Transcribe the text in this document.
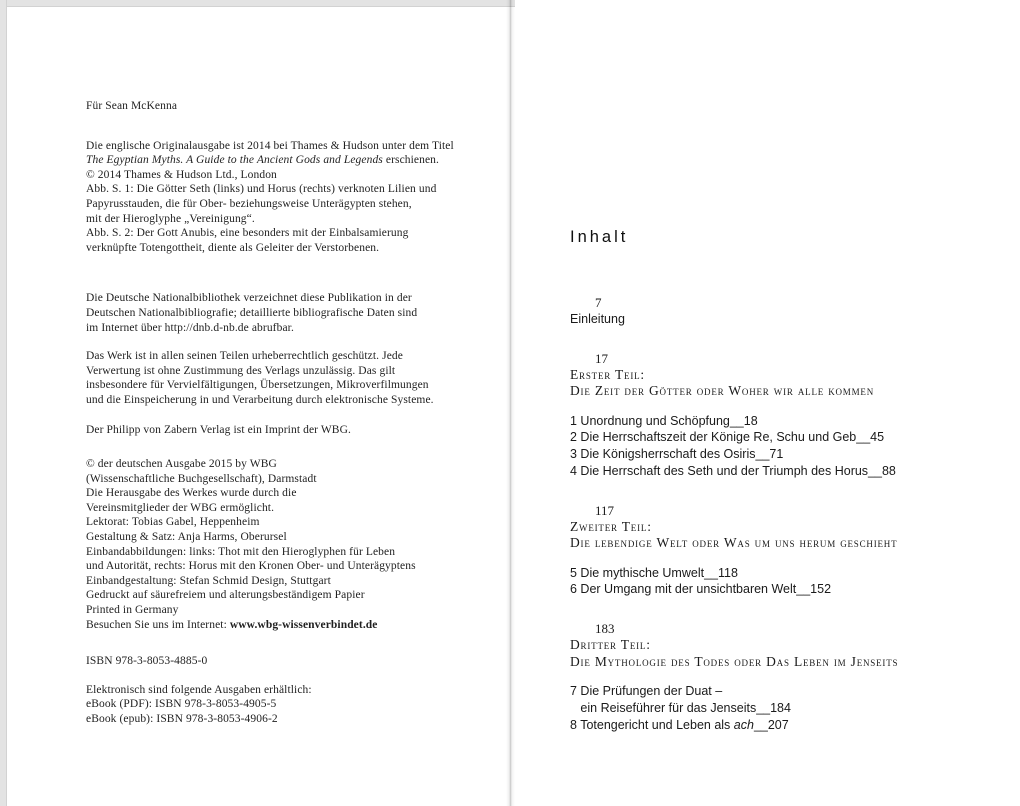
Für Sean McKenna
Die englische Originalausgabe ist 2014 bei Thames & Hudson unter dem Titel
The Egyptian Myths. A Guide to the Ancient Gods and Legends erschienen.
© 2014 Thames & Hudson Ltd., London
Abb. S. 1: Die Götter Seth (links) und Horus (rechts) verknoten Lilien und
Papyrusstauden, die für Ober- beziehungsweise Unterägypten stehen,
mit der Hieroglyphe „Vereinigung“.
Abb. S. 2: Der Gott Anubis, eine besonders mit der Einbalsamierung
verknüpfte Totengottheit, diente als Geleiter der Verstorbenen.
Die Deutsche Nationalbibliothek verzeichnet diese Publikation in der
Deutschen Nationalbibliografie; detaillierte bibliografische Daten sind
im Internet über http://dnb.d-nb.de abrufbar.
Das Werk ist in allen seinen Teilen urheberrechtlich geschützt. Jede
Verwertung ist ohne Zustimmung des Verlags unzulässig. Das gilt
insbesondere für Vervielfältigungen, Übersetzungen, Mikroverfilmungen
und die Einspeicherung in und Verarbeitung durch elektronische Systeme.
Der Philipp von Zabern Verlag ist ein Imprint der WBG.
© der deutschen Ausgabe 2015 by WBG
(Wissenschaftliche Buchgesellschaft), Darmstadt
Die Herausgabe des Werkes wurde durch die
Vereinsmitglieder der WBG ermöglicht.
Lektorat: Tobias Gabel, Heppenheim
Gestaltung & Satz: Anja Harms, Oberursel
Einbandabbildungen: links: Thot mit den Hieroglyphen für Leben
und Autorität, rechts: Horus mit den Kronen Ober- und Unterägyptens
Einbandgestaltung: Stefan Schmid Design, Stuttgart
Gedruckt auf säurefreiem und alterungsbeständigem Papier
Printed in Germany
Besuchen Sie uns im Internet: www.wbg-wissenverbindet.de
ISBN 978-3-8053-4885-0
Elektronisch sind folgende Ausgaben erhältlich:
eBook (PDF): ISBN 978-3-8053-4905-5
eBook (epub): ISBN 978-3-8053-4906-2
Inhalt
7
Einleitung
17
Erster Teil:
Die Zeit der Götter oder Woher wir alle kommen
1 Unordnung und Schöpfung__18
2 Die Herrschaftszeit der Könige Re, Schu und Geb__45
3 Die Königsherrschaft des Osiris__71
4 Die Herrschaft des Seth und der Triumph des Horus__88
117
Zweiter Teil:
Die lebendige Welt oder Was um uns herum geschieht
5 Die mythische Umwelt__118
6 Der Umgang mit der unsichtbaren Welt__152
183
Dritter Teil:
Die Mythologie des Todes oder Das Leben im Jenseits
7 Die Prüfungen der Duat –
ein Reiseführer für das Jenseits__184
8 Totengericht und Leben als ach__207
